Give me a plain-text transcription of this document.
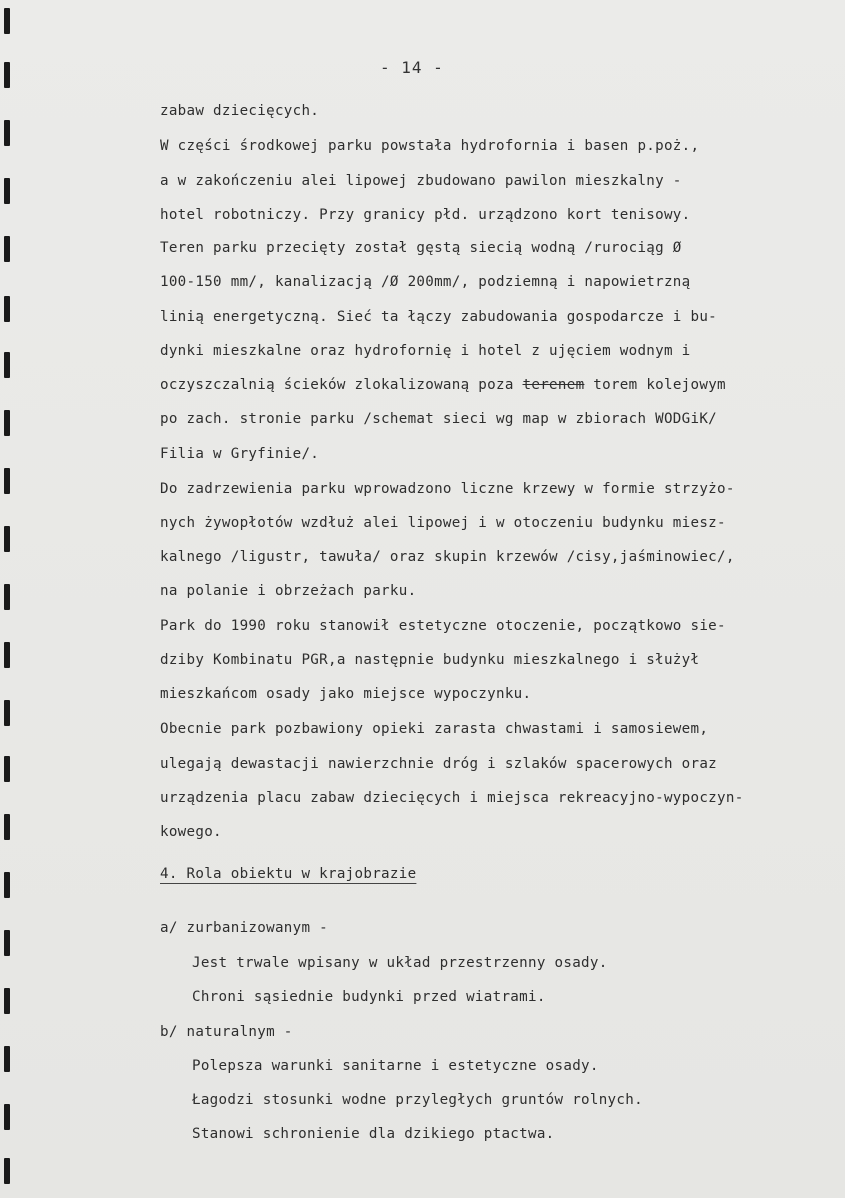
- 14 -
zabaw dziecięcych.
W części środkowej parku powstała hydrofornia i basen p.poż.,
a w zakończeniu alei lipowej zbudowano pawilon mieszkalny -
hotel robotniczy. Przy granicy płd. urządzono kort tenisowy.
Teren parku przecięty został gęstą siecią wodną /rurociąg Ø
100-150 mm/, kanalizacją /Ø 200mm/, podziemną i napowietrzną
linią energetyczną. Sieć ta łączy zabudowania gospodarcze i bu-
dynki mieszkalne oraz hydrofornię i hotel z ujęciem wodnym i
oczyszczalnią ścieków zlokalizowaną poza terenem torem kolejowym
po zach. stronie parku /schemat sieci wg map w zbiorach WODGiK/
Filia w Gryfinie/.
Do zadrzewienia parku wprowadzono liczne krzewy w formie strzyżo-
nych żywopłotów wzdłuż alei lipowej i w otoczeniu budynku miesz-
kalnego /ligustr, tawuła/ oraz skupin krzewów /cisy,jaśminowiec/,
na polanie i obrzeżach parku.
Park do 1990 roku stanowił estetyczne otoczenie, początkowo sie-
dziby Kombinatu PGR,a następnie budynku mieszkalnego i służył
mieszkańcom osady jako miejsce wypoczynku.
Obecnie park pozbawiony opieki zarasta chwastami i samosiewem,
ulegają dewastacji nawierzchnie dróg i szlaków spacerowych oraz
urządzenia placu zabaw dziecięcych i miejsca rekreacyjno-wypoczyn-
kowego.
4. Rola obiektu w krajobrazie
a/ zurbanizowanym -
Jest trwale wpisany w układ przestrzenny osady.
Chroni sąsiednie budynki przed wiatrami.
b/ naturalnym -
Polepsza warunki sanitarne i estetyczne osady.
Łagodzi stosunki wodne przyległych gruntów rolnych.
Stanowi schronienie dla dzikiego ptactwa.
